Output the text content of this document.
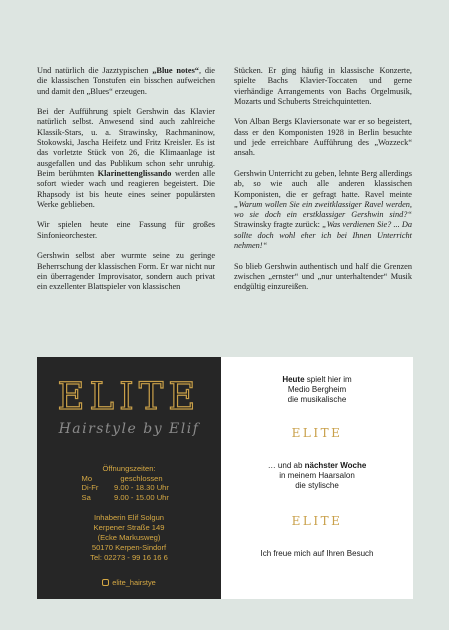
Und natürlich die Jazztypischen „Blue notes“, die die klassischen Tonstufen ein bisschen aufweichen und damit den „Blues“ erzeugen.

Bei der Aufführung spielt Gershwin das Klavier natürlich selbst. Anwesend sind auch zahlreiche Klassik-Stars, u. a. Strawinsky, Rachmaninow, Stokowski, Jascha Heifetz und Fritz Kreisler. Es ist das vorletzte Stück von 26, die Klimaanlage ist ausgefallen und das Publikum schon sehr unruhig. Beim berühmten Klarinettenglissando werden alle sofort wieder wach und reagieren begeistert. Die Rhapsody ist bis heute eines seiner populärsten Werke geblieben.

Wir spielen heute eine Fassung für großes Sinfonieorchester.

Gershwin selbst aber wurmte seine zu geringe Beherrschung der klassischen Form. Er war nicht nur ein überragender Improvisator, sondern auch privat ein exzellenter Blattspieler von klassischen

Stücken. Er ging häufig in klassische Konzerte, spielte Bachs Klavier-Toccaten und gerne vierhändige Arrangements von Bachs Orgelmusik, Mozarts und Schuberts Streichquintetten.

Von Alban Bergs Klaviersonate war er so begeistert, dass er den Komponisten 1928 in Berlin besuchte und jede erreichbare Aufführung des „Wozzeck“ ansah.

Gershwin Unterricht zu geben, lehnte Berg allerdings ab, so wie auch alle anderen klassischen Komponisten, die er gefragt hatte. Ravel meinte „Warum wollen Sie ein zweitklassiger Ravel werden, wo sie doch ein erstklassiger Gershwin sind?“ Strawinsky fragte zurück: „Was verdienen Sie? ... Da sollte doch wohl eher ich bei Ihnen Unterricht nehmen!“

So blieb Gershwin authentisch und half die Grenzen zwischen „ernster“ und „nur unterhaltender“ Musik endgültig einzureißen.

ELITE
Hairstyle by Elif
Öffnungszeiten:
Mo	geschlossen
Di-Fr	9.00 - 18.30 Uhr
Sa	9.00 - 15.00 Uhr
Inhaberin Elif Solgun
Kerpener Straße 149
(Ecke Markusweg)
50170 Kerpen-Sindorf
Tel: 02273 - 99 16 16 6
elite_hairstye
Heute spielt hier im
Medio Bergheim
die musikalische
ELITE
… und ab nächster Woche
in meinem Haarsalon
die stylische
ELITE
Ich freue mich auf Ihren Besuch
